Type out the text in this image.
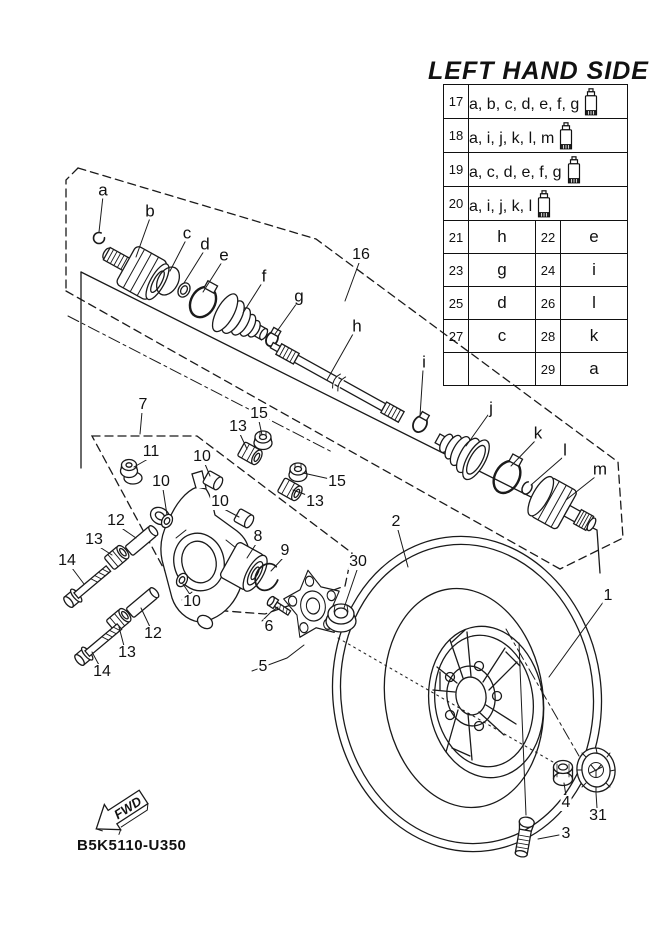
FWD
LEFT HAND SIDE
17	a, b, c, d, e, f, g		
18	a, i, j, k, l, m		
19	a, c, d, e, f, g		
20	a, i, j, k, l		
21	h	22	e
23	g	24	i
25	d	26	l
27	c	28	k
		29	a
a
b
c
d
e
f
g
h
i
j
k
l
m
16
7
11
13
15
10
10
10
10
13
15
12
13
14
12
13
14
8
9
6
5
30
2
1
4
31
3
B5K5110-U350
